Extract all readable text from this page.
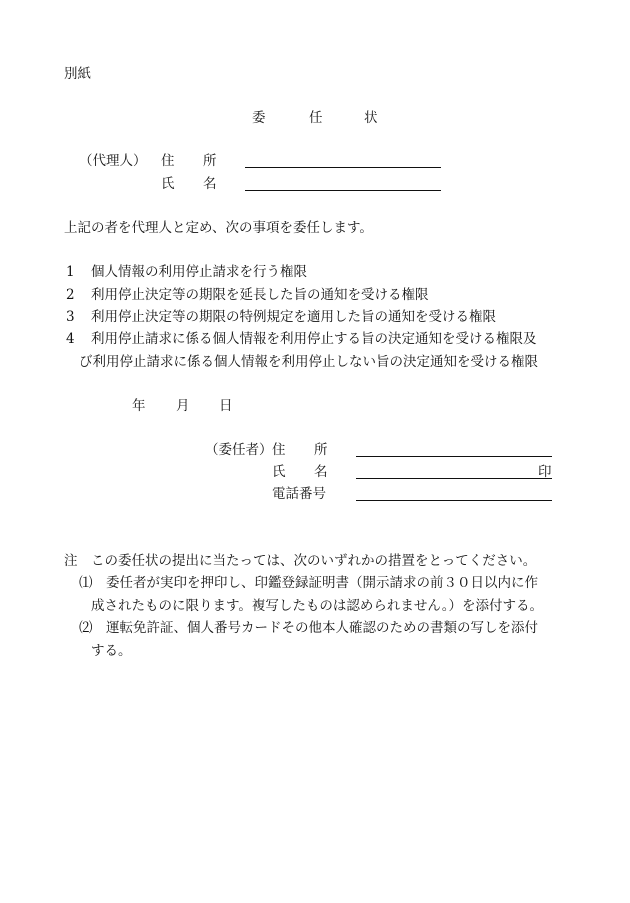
別紙

委	任	状

（代理人） 住 所

氏 名

上記の者を代理人と定め、次の事項を委任します。

1 個人情報の利用停止請求を行う権限

2 利用停止決定等の期限を延長した旨の通知を受ける権限

3 利用停止決定等の期限の特例規定を適用した旨の通知を受ける権限

4 利用停止請求に係る個人情報を利用停止する旨の決定通知を受ける権限及

び利用停止請求に係る個人情報を利用停止しない旨の決定通知を受ける権限

年 月 日

（委任者） 住 所

氏 名	印

電話番号

注 この委任状の提出に当たっては、次のいずれかの措置をとってください。

⑴ 委任者が実印を押印し、印鑑登録証明書（開示請求の前３０日以内に作

成されたものに限ります。複写したものは認められません。）を添付する。

⑵ 運転免許証、個人番号カードその他本人確認のための書類の写しを添付

する。
